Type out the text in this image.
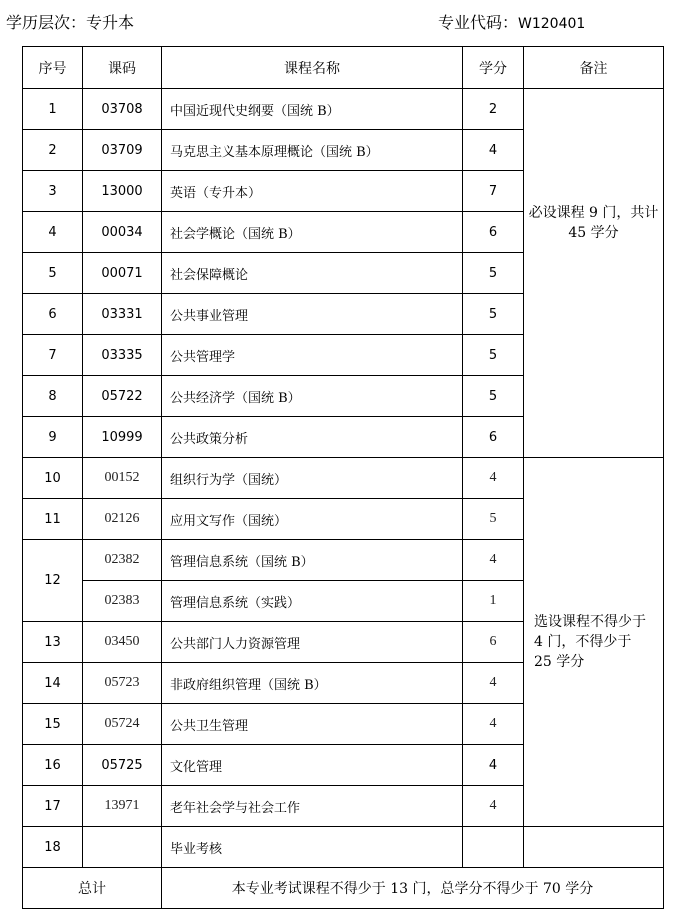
学历层次：专升本	专业代码：W120401
序号	课码	课程名称	学分	备注
1	03708	中国近现代史纲要（国统 B）	2	必设课程 9 门，共计 45 学分
2	03709	马克思主义基本原理概论（国统 B）	4	
3	13000	英语（专升本）	7	
4	00034	社会学概论（国统 B）	6	
5	00071	社会保障概论	5	
6	03331	公共事业管理	5	
7	03335	公共管理学	5	
8	05722	公共经济学（国统 B）	5	
9	10999	公共政策分析	6	
10	00152	组织行为学（国统）	4	选设课程不得少于 4 门，不得少于 25 学分
11	02126	应用文写作（国统）	5	
12	02382	管理信息系统（国统 B）	4	
	02383	管理信息系统（实践）	1	
13	03450	公共部门人力资源管理	6	
14	05723	非政府组织管理（国统 B）	4	
15	05724	公共卫生管理	4	
16	05725	文化管理	4	
17	13971	老年社会学与社会工作	4	
18		毕业考核		
总计		本专业考试课程不得少于 13 门，总学分不得少于 70 学分		
